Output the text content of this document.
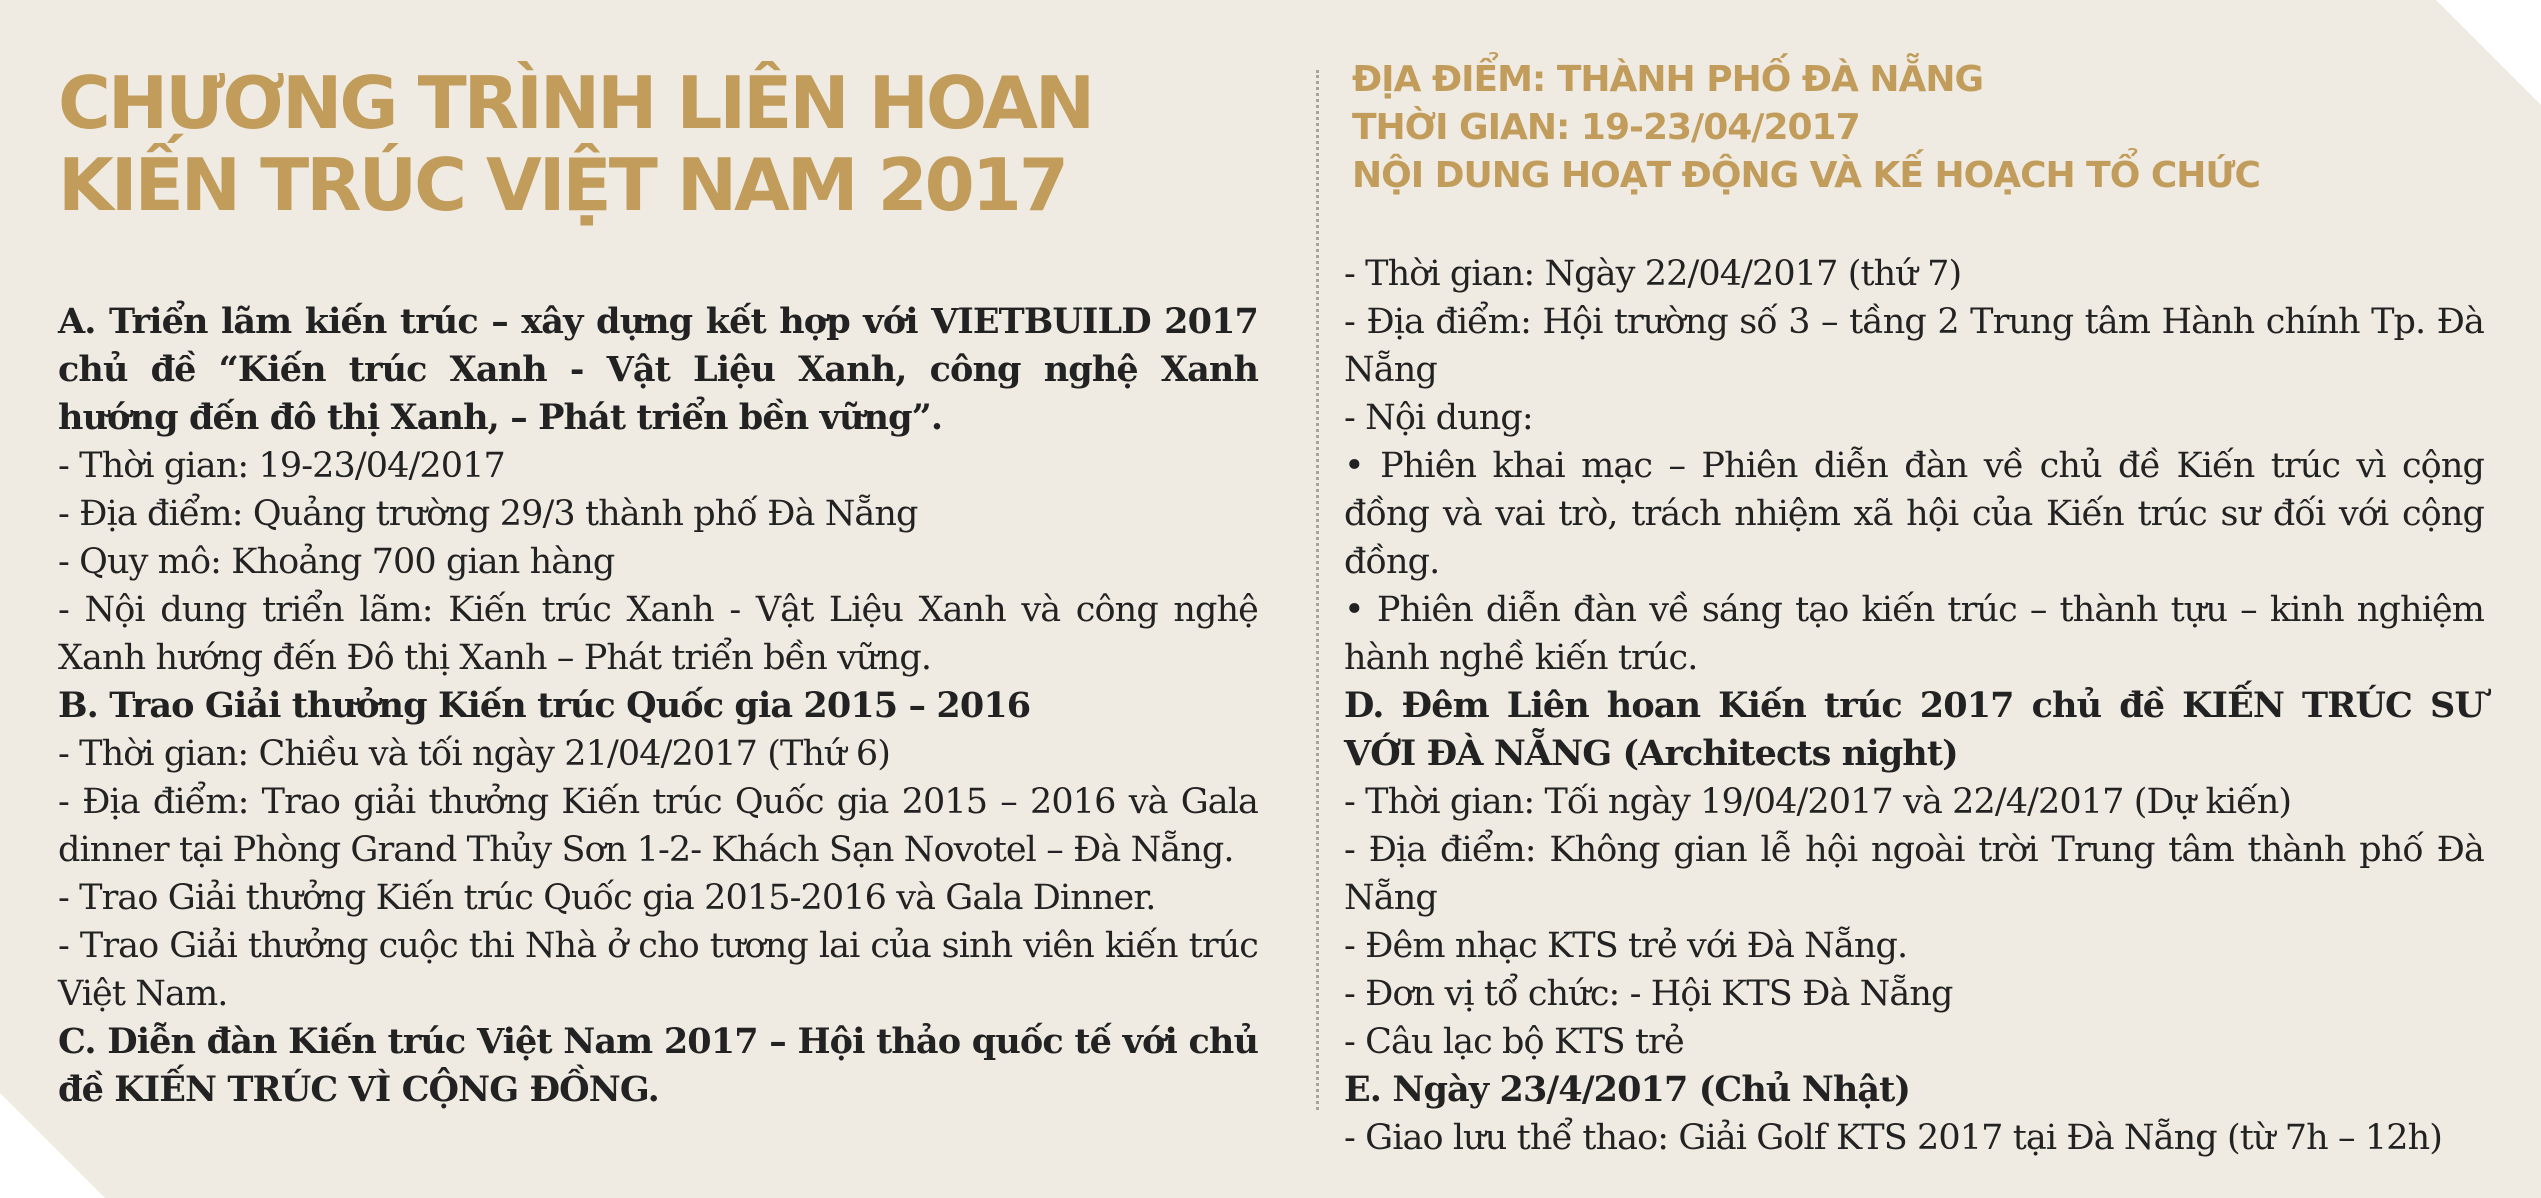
CHƯƠNG TRÌNH LIÊN HOAN
KIẾN TRÚC VIỆT NAM 2017
ĐỊA ĐIỂM: THÀNH PHỐ ĐÀ NẴNG
THỜI GIAN: 19-23/04/2017
NỘI DUNG HOẠT ĐỘNG VÀ KẾ HOẠCH TỔ CHỨC

A. Triển lãm kiến trúc – xây dựng kết hợp với VIETBUILD 2017 chủ đề “Kiến trúc Xanh - Vật Liệu Xanh, công nghệ Xanh hướng đến đô thị Xanh, – Phát triển bền vững”.

- Thời gian: 19-23/04/2017

- Địa điểm: Quảng trường 29/3 thành phố Đà Nẵng

- Quy mô: Khoảng 700 gian hàng

- Nội dung triển lãm: Kiến trúc Xanh - Vật Liệu Xanh và công nghệ Xanh hướng đến Đô thị Xanh – Phát triển bền vững.

B. Trao Giải thưởng Kiến trúc Quốc gia 2015 – 2016

- Thời gian: Chiều và tối ngày 21/04/2017 (Thứ 6)

- Địa điểm: Trao giải thưởng Kiến trúc Quốc gia 2015 – 2016 và Gala dinner tại Phòng Grand Thủy Sơn 1-2- Khách Sạn Novotel – Đà Nẵng.

- Trao Giải thưởng Kiến trúc Quốc gia 2015-2016 và Gala Dinner.

- Trao Giải thưởng cuộc thi Nhà ở cho tương lai của sinh viên kiến trúc Việt Nam.

C. Diễn đàn Kiến trúc Việt Nam 2017 – Hội thảo quốc tế với chủ đề KIẾN TRÚC VÌ CỘNG ĐỒNG.

- Thời gian: Ngày 22/04/2017 (thứ 7)

- Địa điểm: Hội trường số 3 – tầng 2 Trung tâm Hành chính Tp. Đà Nẵng

- Nội dung:

• Phiên khai mạc – Phiên diễn đàn về chủ đề Kiến trúc vì cộng đồng và vai trò, trách nhiệm xã hội của Kiến trúc sư đối với cộng đồng.

• Phiên diễn đàn về sáng tạo kiến trúc – thành tựu – kinh nghiệm hành nghề kiến trúc.

D. Đêm Liên hoan Kiến trúc 2017 chủ đề KIẾN TRÚC SƯ VỚI ĐÀ NẴNG (Architects night)

- Thời gian: Tối ngày 19/04/2017 và 22/4/2017 (Dự kiến)

- Địa điểm: Không gian lễ hội ngoài trời Trung tâm thành phố Đà Nẵng

- Đêm nhạc KTS trẻ với Đà Nẵng.

- Đơn vị tổ chức: - Hội KTS Đà Nẵng

- Câu lạc bộ KTS trẻ

E. Ngày 23/4/2017 (Chủ Nhật)

- Giao lưu thể thao: Giải Golf KTS 2017 tại Đà Nẵng (từ 7h – 12h)
